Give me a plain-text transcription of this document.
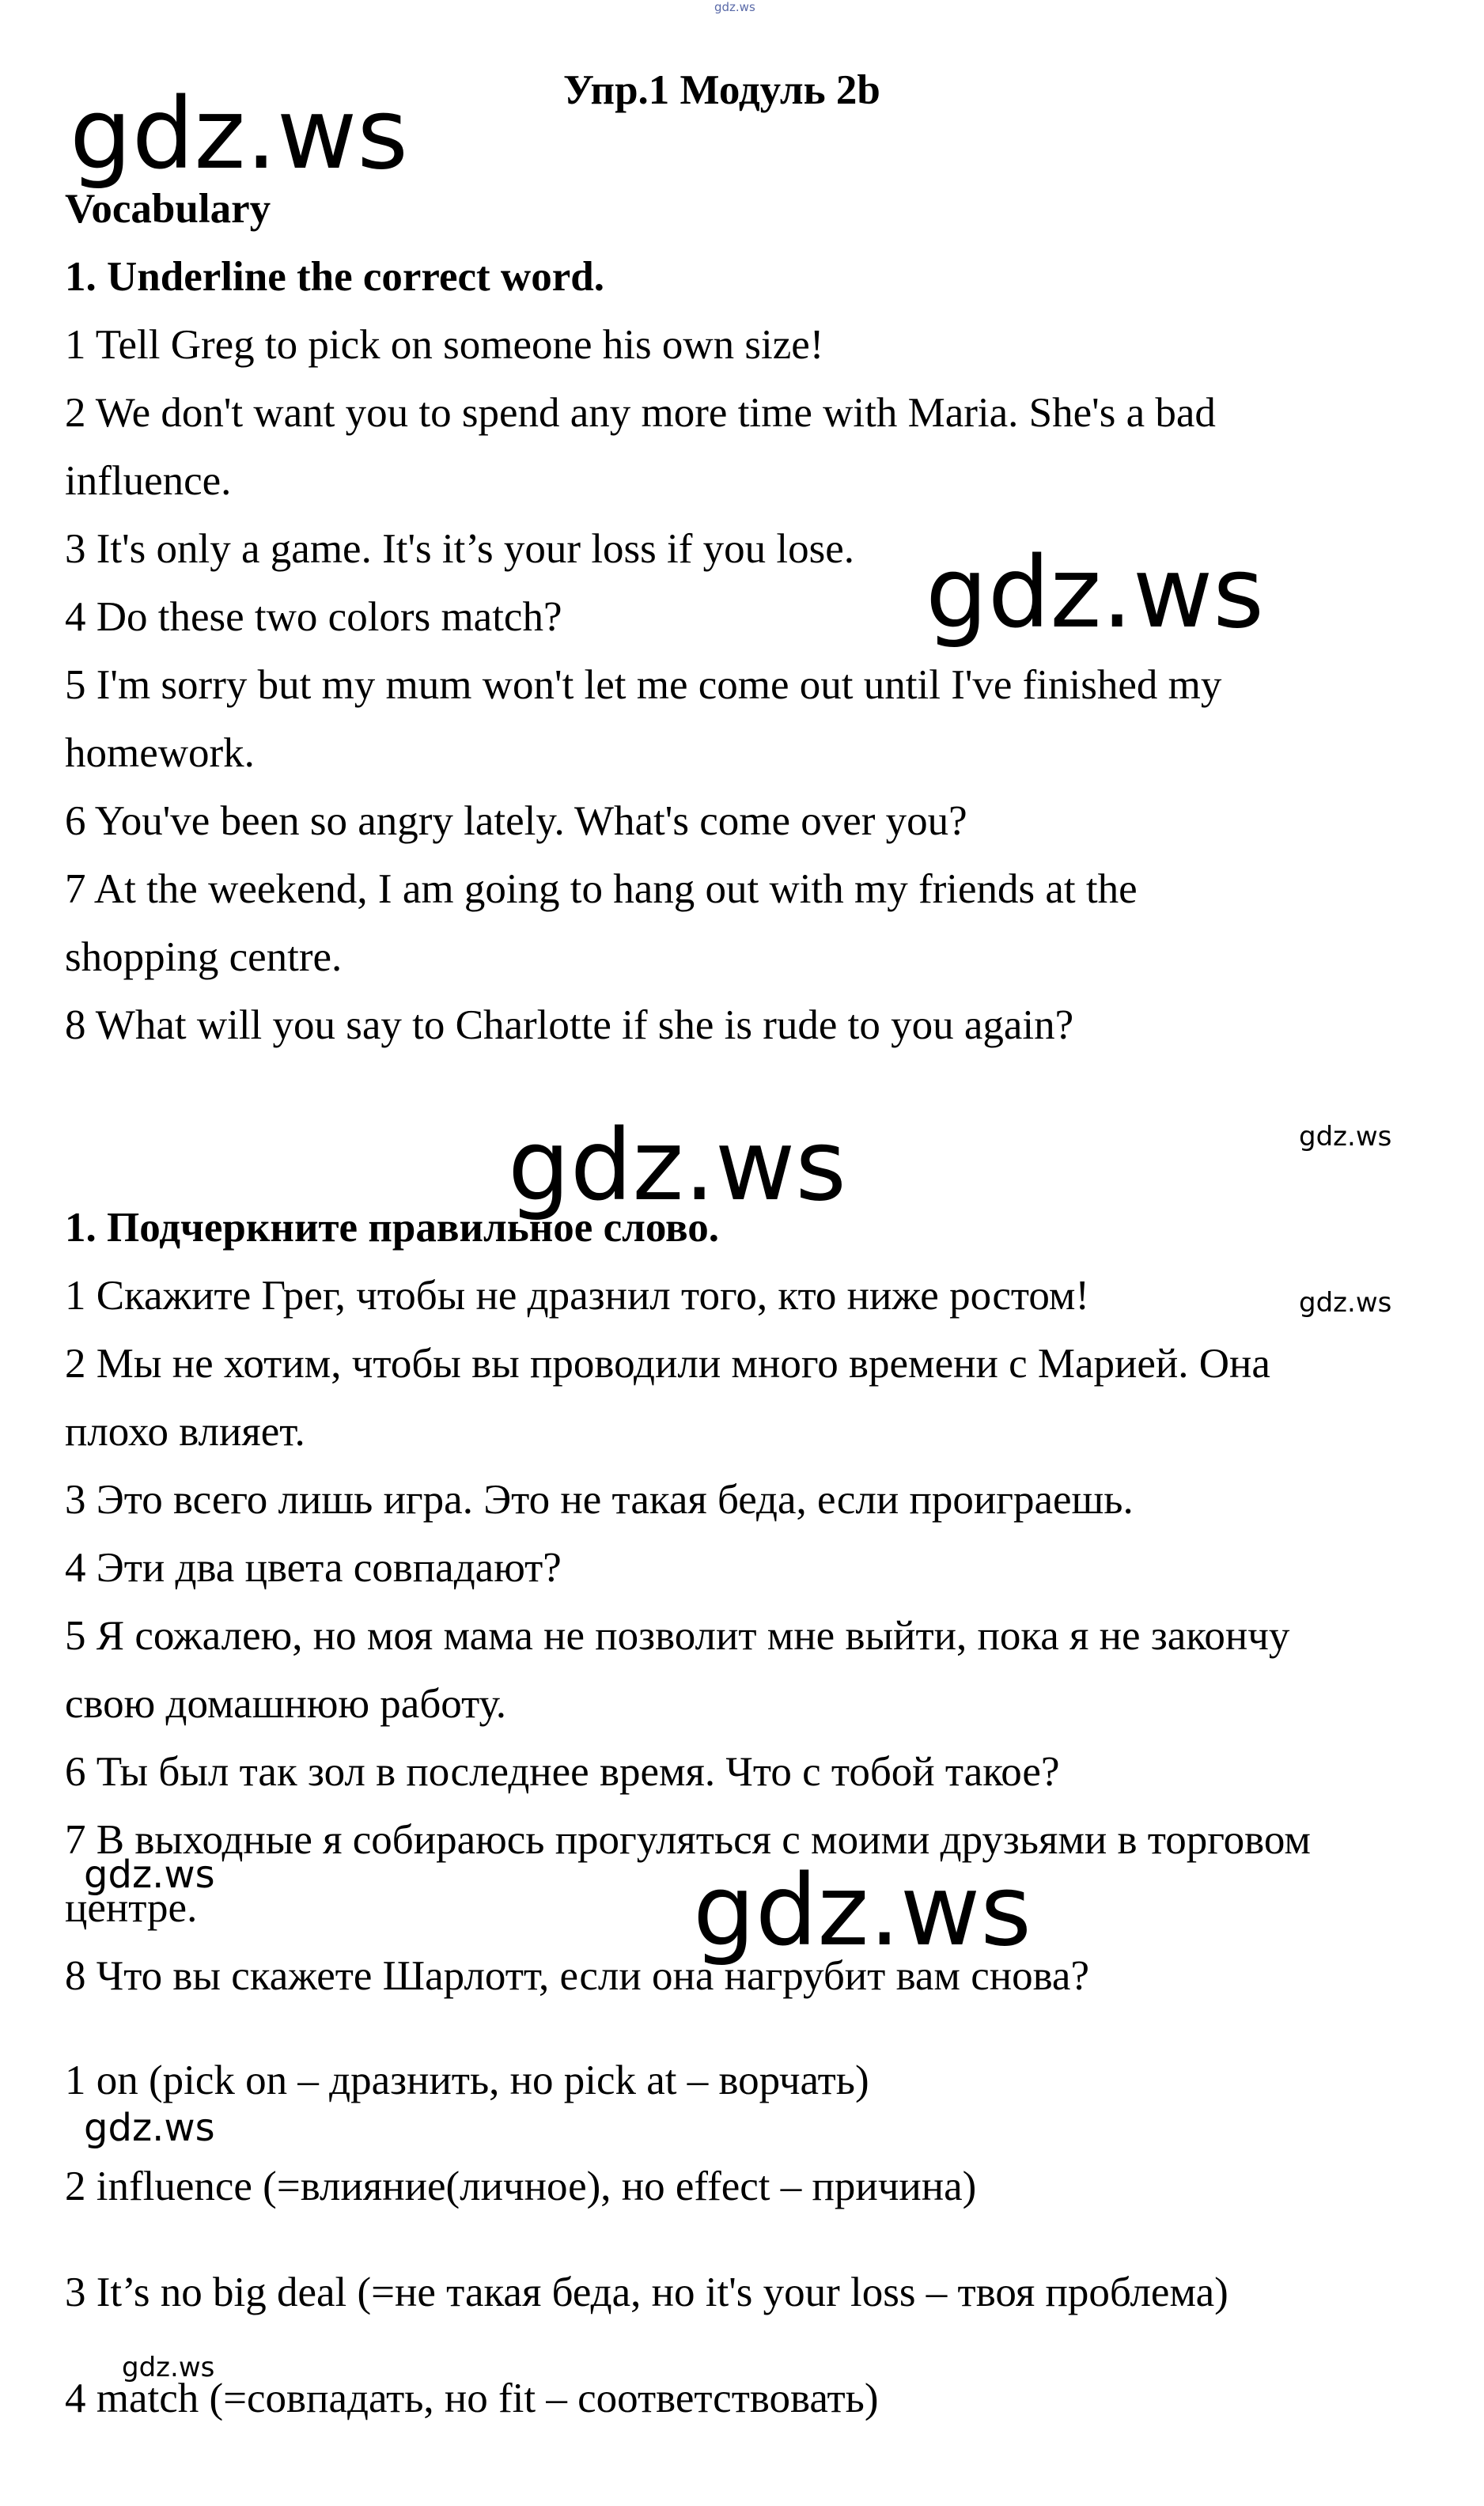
gdz.ws
Упр.1 Модуль 2b
gdz.ws
Vocabulary
1. Underline the correct word.
1 Tell Greg to pick on someone his own size!
2 We don't want you to spend any more time with Maria. She's a bad
influence.
3 It's only a game. It's it’s your loss if you lose. gdz.ws
4 Do these two colors match?
5 I'm sorry but my mum won't let me come out until I've finished my
homework.
6 You've been so angry lately. What's come over you?
7 At the weekend, I am going to hang out with my friends at the
shopping centre.
8 What will you say to Charlotte if she is rude to you again?
gdz.ws
gdz.ws
1. Подчеркните правильное слово.
1 Скажите Грег, чтобы не дразнил того, кто ниже ростом!	gdz.ws
2 Мы не хотим, чтобы вы проводили много времени с Марией. Она
плохо влияет.
3 Это всего лишь игра. Это не такая беда, если проиграешь.
4 Эти два цвета совпадают?
5 Я сожалею, но моя мама не позволит мне выйти, пока я не закончу
свою домашнюю работу.
6 Ты был так зол в последнее время. Что с тобой такое?
7 В выходные я собираюсь прогуляться с моими друзьями в торговом
центре.
gdz.ws	gdz.ws
8 Что вы скажете Шарлотт, если она нагрубит вам снова?
1 on (pick on – дразнить, но pick at – ворчать)
gdz.ws
2 influence (=влияние(личное), но effect – причина)
3 It’s no big deal (=не такая беда, но it's your loss – твоя проблема)
gdz.ws
4 match (=совпадать, но fit – соответствовать)
